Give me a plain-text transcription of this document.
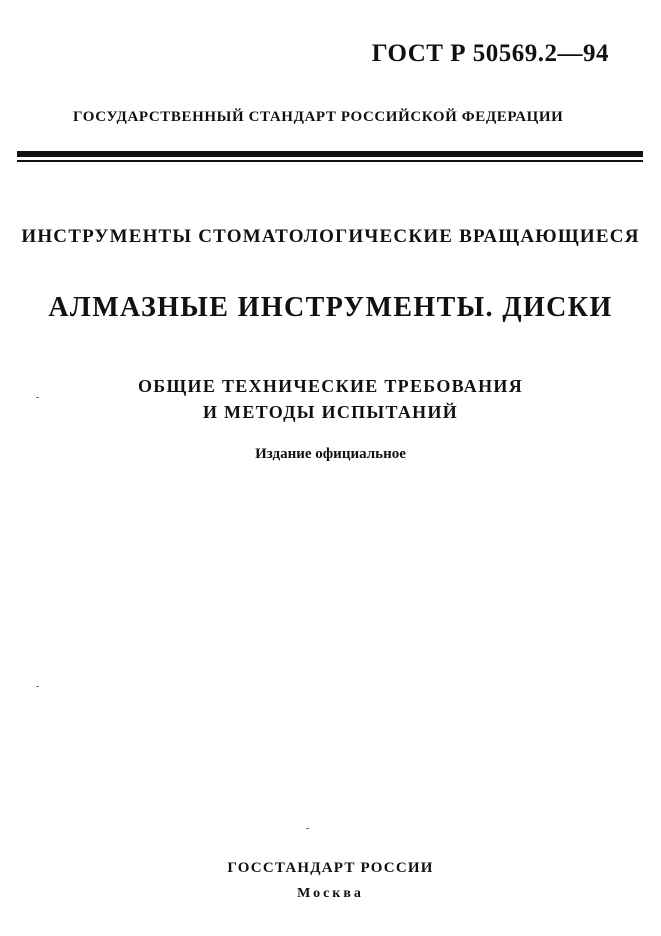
ГОСТ Р 50569.2—94

ГОСУДАРСТВЕННЫЙ СТАНДАРТ РОССИЙСКОЙ ФЕДЕРАЦИИ

ИНСТРУМЕНТЫ СТОМАТОЛОГИЧЕСКИЕ ВРАЩАЮЩИЕСЯ

АЛМАЗНЫЕ ИНСТРУМЕНТЫ. ДИСКИ

ОБЩИЕ ТЕХНИЧЕСКИЕ ТРЕБОВАНИЯ
И МЕТОДЫ ИСПЫТАНИЙ

Издание официальное

ГОССТАНДАРТ РОССИИ

Москва
